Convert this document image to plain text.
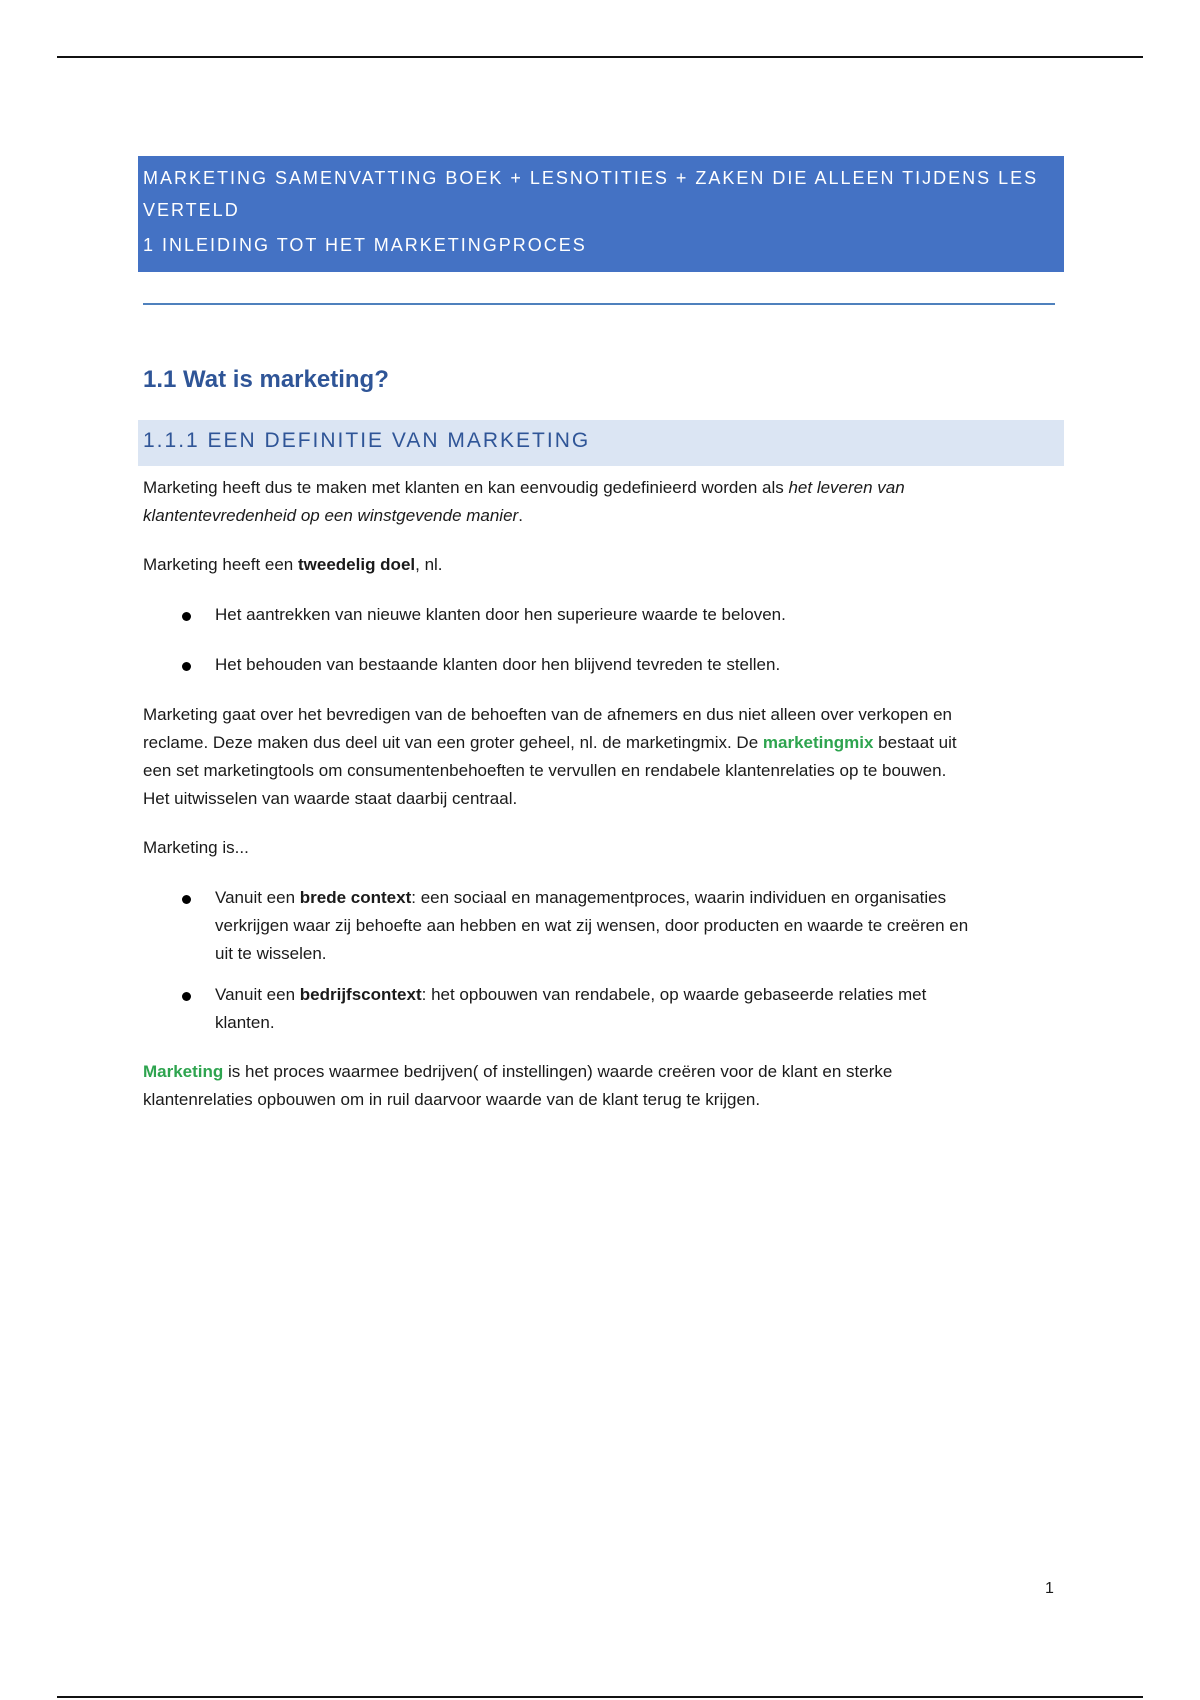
MARKETING SAMENVATTING BOEK + LESNOTITIES + ZAKEN DIE ALLEEN TIJDENS LES
VERTELD
1 INLEIDING TOT HET MARKETINGPROCES
1.1 Wat is marketing?
1.1.1 EEN DEFINITIE VAN MARKETING

Marketing heeft dus te maken met klanten en kan eenvoudig gedefinieerd worden als het leveren van
klantentevredenheid op een winstgevende manier.

Marketing heeft een tweedelig doel, nl.

Het aantrekken van nieuwe klanten door hen superieure waarde te beloven.
Het behouden van bestaande klanten door hen blijvend tevreden te stellen.

Marketing gaat over het bevredigen van de behoeften van de afnemers en dus niet alleen over verkopen en
reclame. Deze maken dus deel uit van een groter geheel, nl. de marketingmix. De marketingmix bestaat uit
een set marketingtools om consumentenbehoeften te vervullen en rendabele klantenrelaties op te bouwen.
Het uitwisselen van waarde staat daarbij centraal.

Marketing is...

Vanuit een brede context: een sociaal en managementproces, waarin individuen en organisaties
verkrijgen waar zij behoefte aan hebben en wat zij wensen, door producten en waarde te creëren en
uit te wisselen.
Vanuit een bedrijfscontext: het opbouwen van rendabele, op waarde gebaseerde relaties met
klanten.

Marketing is het proces waarmee bedrijven( of instellingen) waarde creëren voor de klant en sterke
klantenrelaties opbouwen om in ruil daarvoor waarde van de klant terug te krijgen.

1
